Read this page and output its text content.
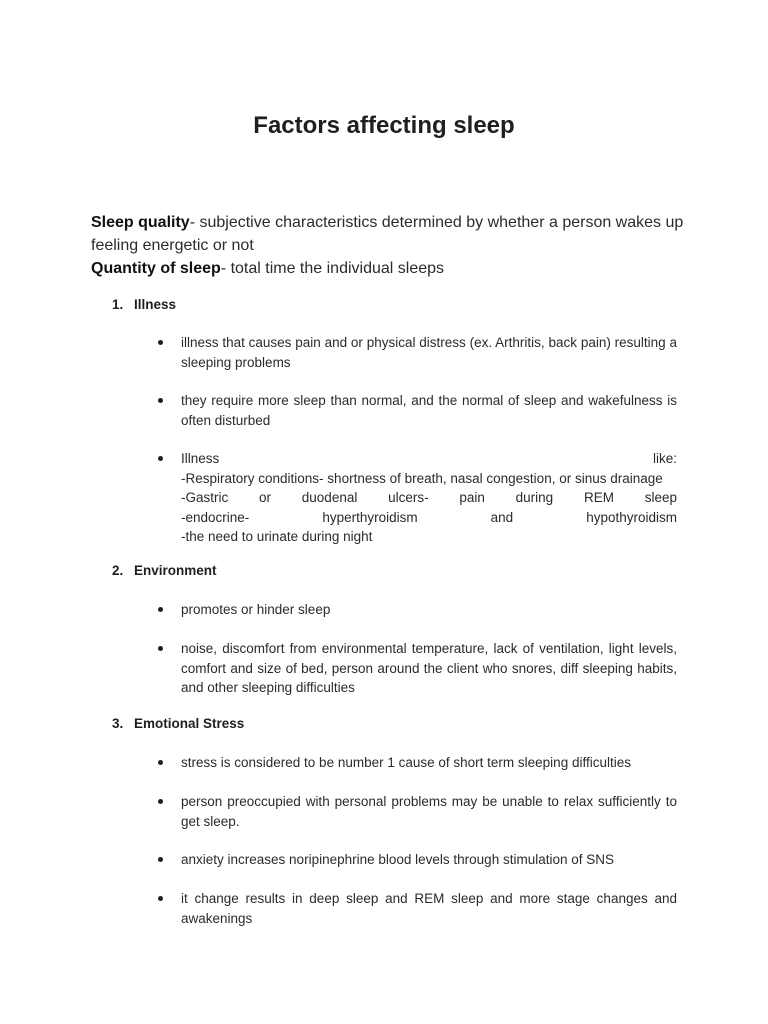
Factors affecting sleep
Sleep quality- subjective characteristics determined by whether a person wakes up feeling energetic or not
Quantity of sleep- total time the individual sleeps
1. Illness
illness that causes pain and or physical distress (ex. Arthritis, back pain) resulting a sleeping problems
they require more sleep than normal, and the normal of sleep and wakefulness is often disturbed
Illness like:
-Respiratory conditions- shortness of breath, nasal congestion, or sinus drainage
-Gastric or duodenal ulcers- pain during REM sleep
-endocrine- hyperthyroidism and hypothyroidism
-the need to urinate during night
2. Environment
promotes or hinder sleep
noise, discomfort from environmental temperature, lack of ventilation, light levels, comfort and size of bed, person around the client who snores, diff sleeping habits, and other sleeping difficulties
3. Emotional Stress
stress is considered to be number 1 cause of short term sleeping difficulties
person preoccupied with personal problems may be unable to relax sufficiently to get sleep.
anxiety increases noripinephrine blood levels through stimulation of SNS
it change results in deep sleep and REM sleep and more stage changes and awakenings
